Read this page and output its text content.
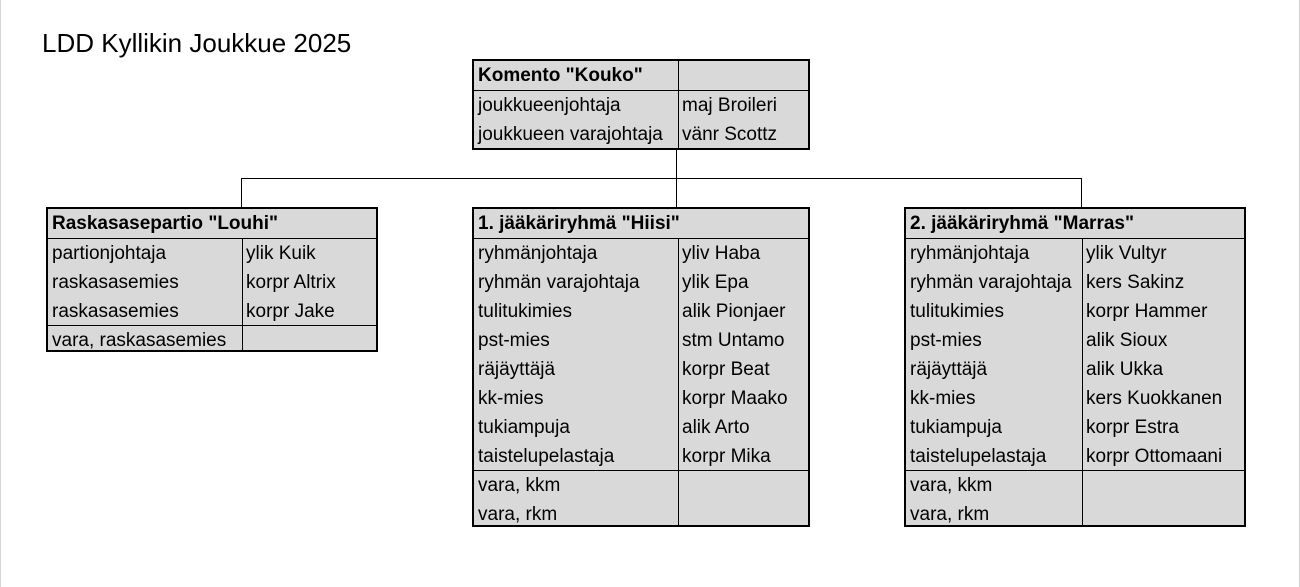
LDD Kyllikin Joukkue 2025
Komento "Kouko"
joukkueenjohtaja	maj Broileri
joukkueen varajohtaja vänr Scottz
Raskasasepartio "Louhi"
partionjohtaja	ylik Kuik
raskasasemies	korpr Altrix
raskasasemies	korpr Jake
vara, raskasasemies
1. jääkäriryhmä "Hiisi"
ryhmänjohtaja	yliv Haba
ryhmän varajohtaja ylik Epa
tulitukimies	alik Pionjaer
pst-mies	stm Untamo
räjäyttäjä	korpr Beat
kk-mies	korpr Maako
tukiampuja	alik Arto
taistelupelastaja	korpr Mika
vara, kkm
vara, rkm
2. jääkäriryhmä "Marras"
ryhmänjohtaja	ylik Vultyr
ryhmän varajohtaja kers Sakinz
tulitukimies	korpr Hammer
pst-mies	alik Sioux
räjäyttäjä	alik Ukka
kk-mies	kers Kuokkanen
tukiampuja	korpr Estra
taistelupelastaja korpr Ottomaani
vara, kkm
vara, rkm
